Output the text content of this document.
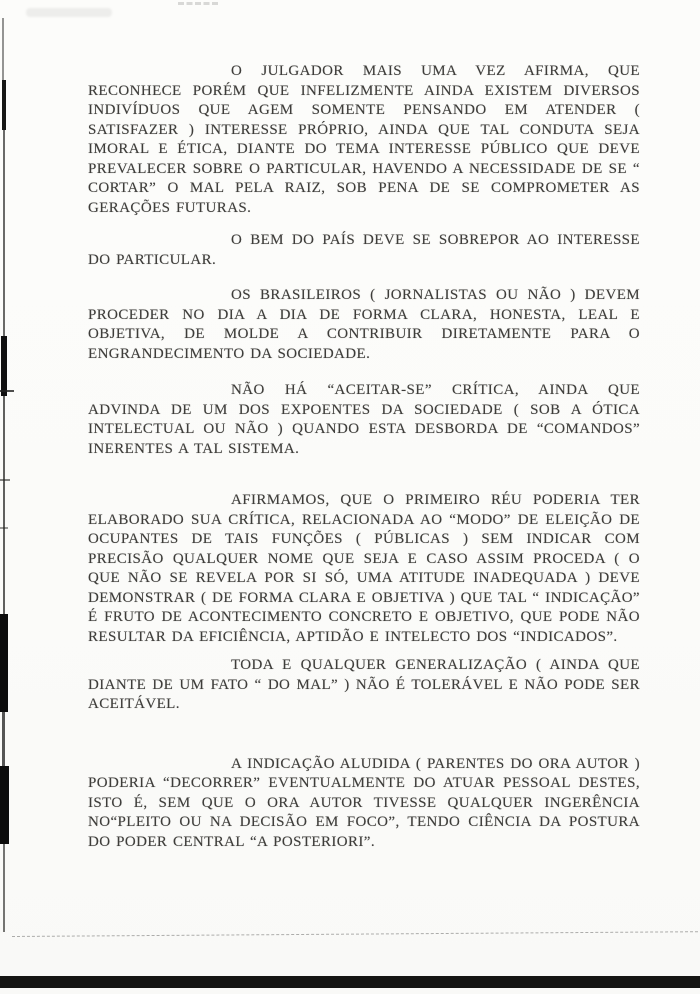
O JULGADOR MAIS UMA VEZ AFIRMA, QUE RECONHECE PORÉM QUE INFELIZMENTE AINDA EXISTEM DIVERSOS INDIVÍDUOS QUE AGEM SOMENTE PENSANDO EM ATENDER ( SATISFAZER ) INTERESSE PRÓPRIO, AINDA QUE TAL CONDUTA SEJA IMORAL E ÉTICA, DIANTE DO TEMA INTERESSE PÚBLICO QUE DEVE PREVALECER SOBRE O PARTICULAR, HAVENDO A NECESSIDADE DE SE “ CORTAR” O MAL PELA RAIZ, SOB PENA DE SE COMPROMETER AS GERAÇÕES FUTURAS.

O BEM DO PAÍS DEVE SE SOBREPOR AO INTERESSE DO PARTICULAR.

OS BRASILEIROS ( JORNALISTAS OU NÃO ) DEVEM PROCEDER NO DIA A DIA DE FORMA CLARA, HONESTA, LEAL E OBJETIVA, DE MOLDE A CONTRIBUIR DIRETAMENTE PARA O ENGRANDECIMENTO DA SOCIEDADE.

NÃO HÁ “ACEITAR-SE” CRÍTICA, AINDA QUE ADVINDA DE UM DOS EXPOENTES DA SOCIEDADE ( SOB A ÓTICA INTELECTUAL OU NÃO ) QUANDO ESTA DESBORDA DE “COMANDOS” INERENTES A TAL SISTEMA.

AFIRMAMOS, QUE O PRIMEIRO RÉU PODERIA TER ELABORADO SUA CRÍTICA, RELACIONADA AO “MODO” DE ELEIÇÃO DE OCUPANTES DE TAIS FUNÇÕES ( PÚBLICAS ) SEM INDICAR COM PRECISÃO QUALQUER NOME QUE SEJA E CASO ASSIM PROCEDA ( O QUE NÃO SE REVELA POR SI SÓ, UMA ATITUDE INADEQUADA ) DEVE DEMONSTRAR ( DE FORMA CLARA E OBJETIVA ) QUE TAL “ INDICAÇÃO” É FRUTO DE ACONTECIMENTO CONCRETO E OBJETIVO, QUE PODE NÃO RESULTAR DA EFICIÊNCIA, APTIDÃO E INTELECTO DOS “INDICADOS”.

TODA E QUALQUER GENERALIZAÇÃO ( AINDA QUE DIANTE DE UM FATO “ DO MAL” ) NÃO É TOLERÁVEL E NÃO PODE SER ACEITÁVEL.

A INDICAÇÃO ALUDIDA ( PARENTES DO ORA AUTOR ) PODERIA “DECORRER” EVENTUALMENTE DO ATUAR PESSOAL DESTES, ISTO É, SEM QUE O ORA AUTOR TIVESSE QUALQUER INGERÊNCIA NO“PLEITO OU NA DECISÃO EM FOCO”, TENDO CIÊNCIA DA POSTURA DO PODER CENTRAL “A POSTERIORI”.
